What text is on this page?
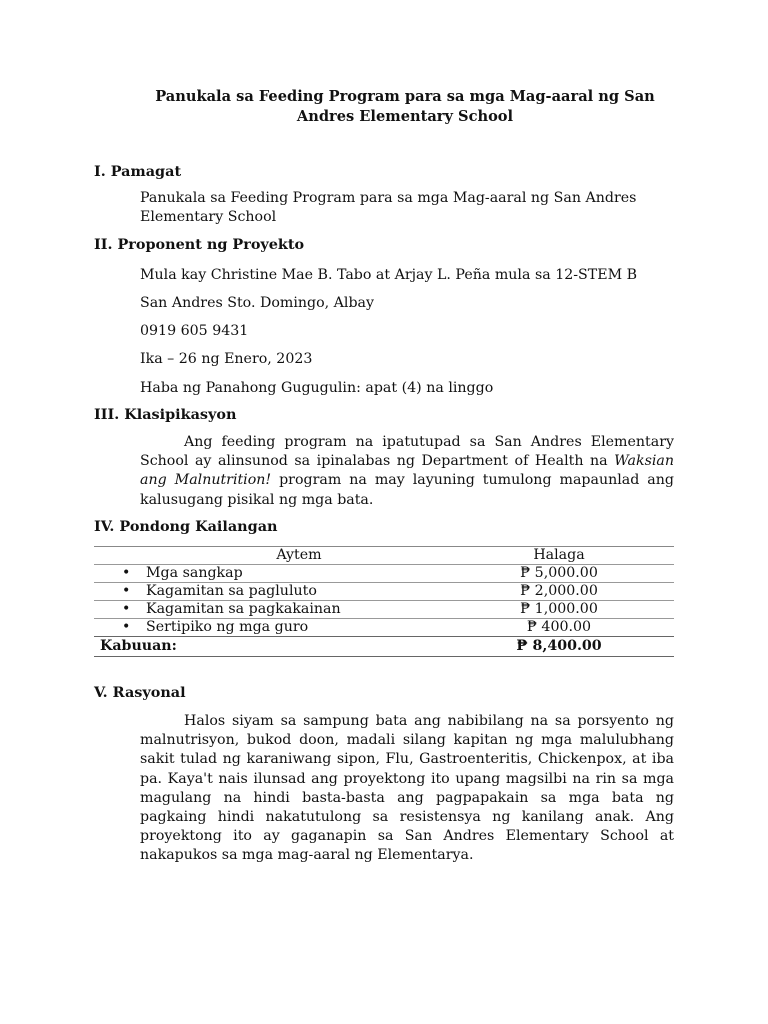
Panukala sa Feeding Program para sa mga Mag-aaral ng San Andres Elementary School
I. Pamagat
Panukala sa Feeding Program para sa mga Mag-aaral ng San Andres Elementary School
II. Proponent ng Proyekto
Mula kay Christine Mae B. Tabo at Arjay L. Peña mula sa 12-STEM B
San Andres Sto. Domingo, Albay
0919 605 9431
Ika – 26 ng Enero, 2023
Haba ng Panahong Gugugulin: apat (4) na linggo
III. Klasipikasyon
Ang feeding program na ipatutupad sa San Andres Elementary School ay alinsunod sa ipinalabas ng Department of Health na Waksian ang Malnutrition! program na may layuning tumulong mapaunlad ang kalusugang pisikal ng mga bata.
IV. Pondong Kailangan
Aytem	Halaga
• Mga sangkap	₱ 5,000.00
• Kagamitan sa pagluluto	₱ 2,000.00
• Kagamitan sa pagkakainan	₱ 1,000.00
• Sertipiko ng mga guro	₱ 400.00
Kabuuan:	₱ 8,400.00
V. Rasyonal
Halos siyam sa sampung bata ang nabibilang na sa porsyento ng malnutrisyon, bukod doon, madali silang kapitan ng mga malulubhang sakit tulad ng karaniwang sipon, Flu, Gastroenteritis, Chickenpox, at iba pa. Kaya't nais ilunsad ang proyektong ito upang magsilbi na rin sa mga magulang na hindi basta-basta ang pagpapakain sa mga bata ng pagkaing hindi nakatutulong sa resistensya ng kanilang anak. Ang proyektong ito ay gaganapin sa San Andres Elementary School at nakapukos sa mga mag-aaral ng Elementarya.
